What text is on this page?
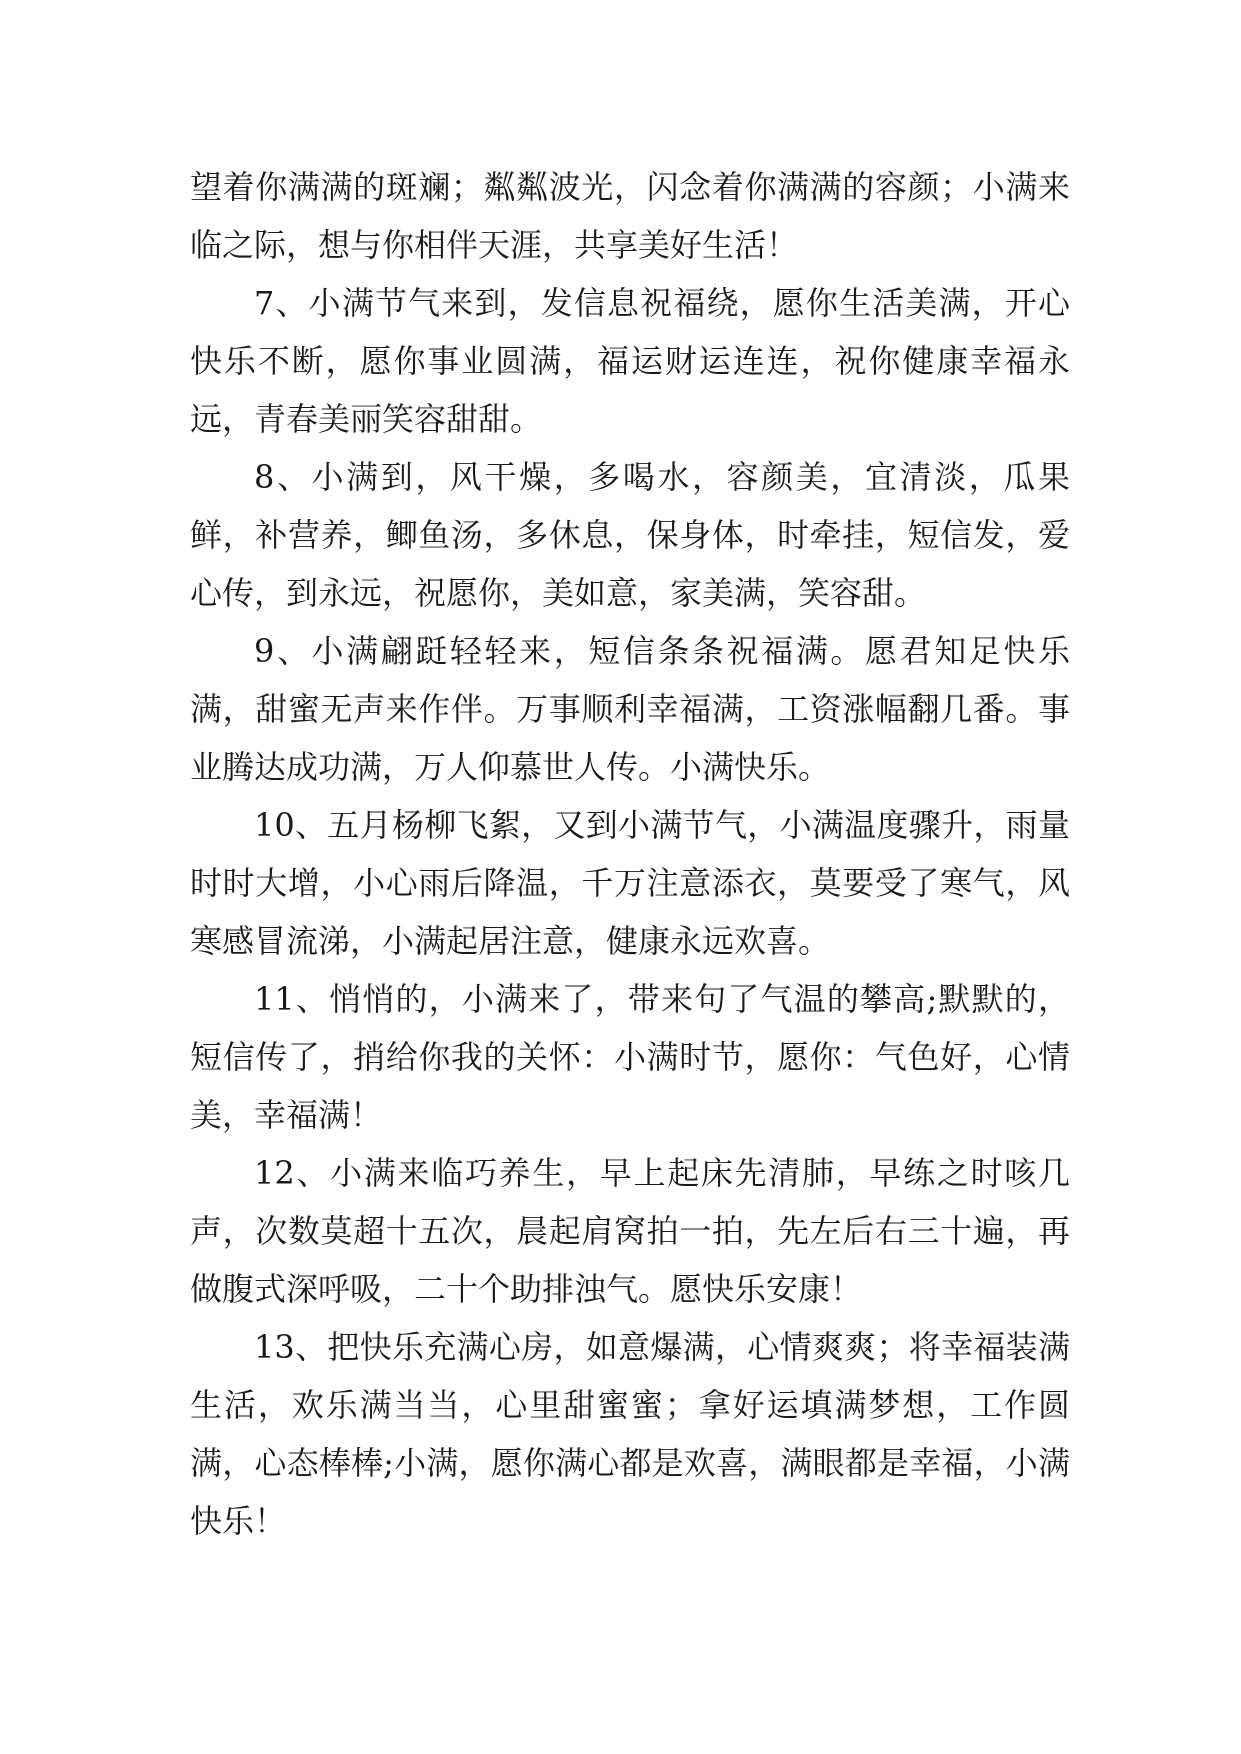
望着你满满的斑斓；粼粼波光，闪念着你满满的容颜；小满来临之际，想与你相伴天涯，共享美好生活！

7、小满节气来到，发信息祝福绕，愿你生活美满，开心快乐不断，愿你事业圆满，福运财运连连，祝你健康幸福永远，青春美丽笑容甜甜。

8、小满到，风干燥，多喝水，容颜美，宜清淡，瓜果鲜，补营养，鲫鱼汤，多休息，保身体，时牵挂，短信发，爱心传，到永远，祝愿你，美如意，家美满，笑容甜。

9、小满翩跹轻轻来，短信条条祝福满。愿君知足快乐满，甜蜜无声来作伴。万事顺利幸福满，工资涨幅翻几番。事业腾达成功满，万人仰慕世人传。小满快乐。

10、五月杨柳飞絮，又到小满节气，小满温度骤升，雨量时时大增，小心雨后降温，千万注意添衣，莫要受了寒气，风寒感冒流涕，小满起居注意，健康永远欢喜。

11、悄悄的，小满来了，带来句了气温的攀高;默默的，短信传了，捎给你我的关怀：小满时节，愿你：气色好，心情美，幸福满！

12、小满来临巧养生，早上起床先清肺，早练之时咳几声，次数莫超十五次，晨起肩窝拍一拍，先左后右三十遍，再做腹式深呼吸，二十个助排浊气。愿快乐安康！

13、把快乐充满心房，如意爆满，心情爽爽；将幸福装满生活，欢乐满当当，心里甜蜜蜜；拿好运填满梦想，工作圆满，心态棒棒;小满，愿你满心都是欢喜，满眼都是幸福，小满快乐！
